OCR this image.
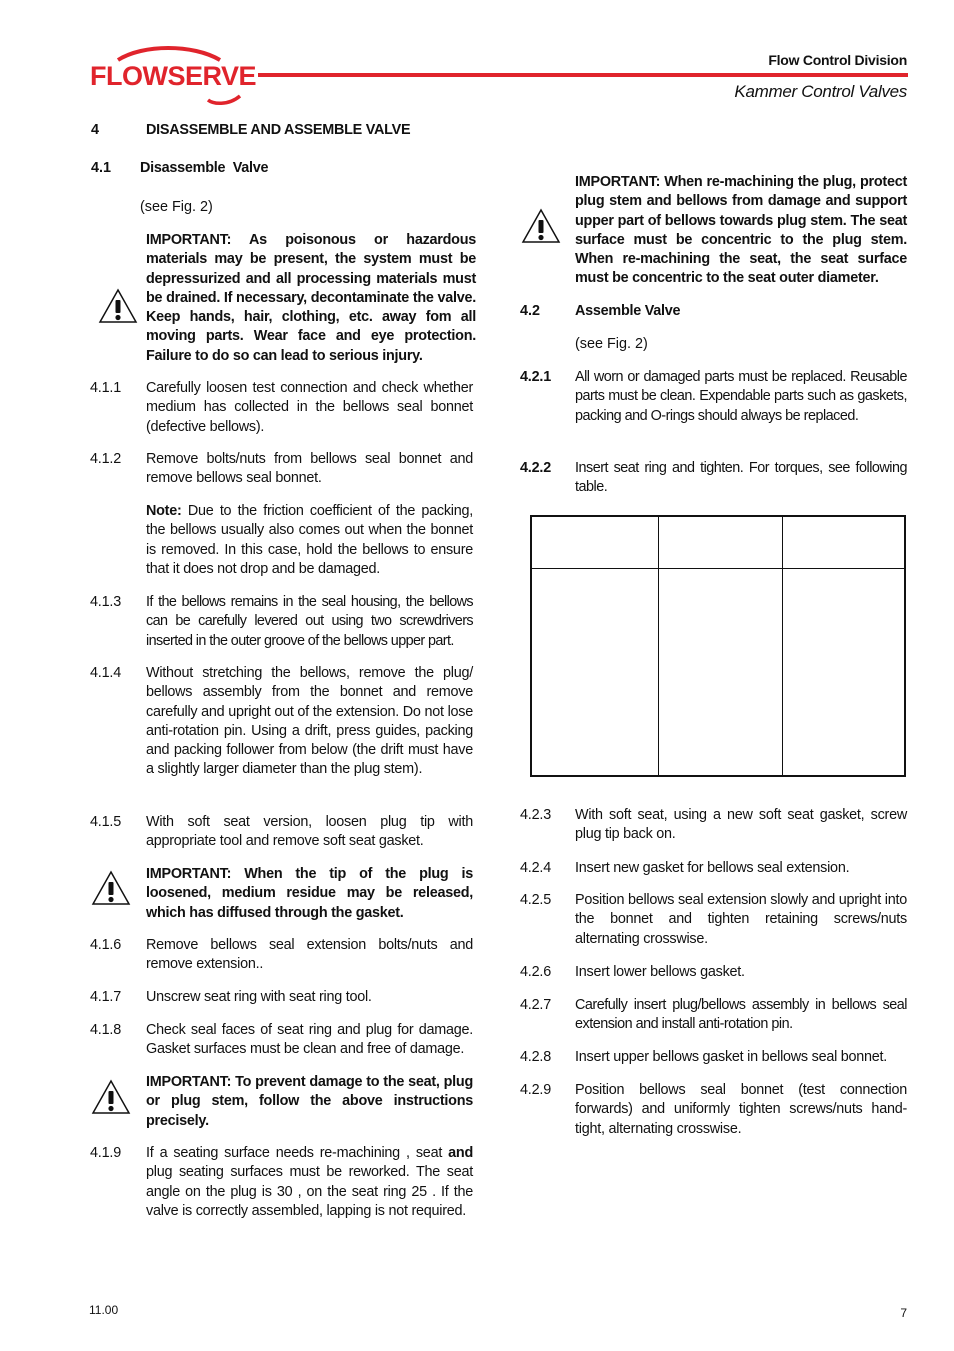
FLOWSERVE
Flow Control Division
Kammer Control Valves
4	DISASSEMBLE AND ASSEMBLE VALVE
4.1 Disassemble  Valve
(see Fig. 2)
IMPORTANT: As poisonous or hazardous materials may be present, the system must be depressurized and all processing materials must be drained. If necessary, decontaminate the valve. Keep hands, hair, clothing, etc. away fom all moving parts. Wear face and eye protection. Failure to do so can lead to serious injury.
4.1.1 Carefully loosen test connection and check whether medium has collected in the bellows seal bonnet (defective bellows).
4.1.2 Remove bolts/nuts from bellows seal bonnet and remove bellows seal bonnet.
Note: Due to the friction coefficient of the packing, the bellows usually also comes out when the bonnet is removed. In this case, hold the bellows to ensure that it does not drop and be damaged.
4.1.3 If the bellows remains in the seal housing, the bellows can be carefully levered out using two screwdrivers inserted in the outer groove of the bellows upper part.
4.1.4 Without stretching the bellows, remove the plug/ bellows assembly from the bonnet and remove carefully and upright out of the extension. Do not lose anti-rotation pin. Using a drift, press guides, packing and packing follower from below (the drift must have a slightly larger diameter than the plug stem).
4.1.5 With soft seat version, loosen plug tip with appropriate tool and remove soft seat gasket.
IMPORTANT: When the tip of the plug is loosened, medium residue may be released, which has diffused through the gasket.
4.1.6 Remove bellows seal extension bolts/nuts and remove extension..
4.1.7 Unscrew seat ring with seat ring tool.
4.1.8 Check seal faces of seat ring and plug for damage. Gasket surfaces must be clean and free of damage.
IMPORTANT: To prevent damage to the seat, plug or plug stem, follow the above instructions precisely.
4.1.9 If a seating surface needs re-machining , seat and plug seating surfaces must be reworked. The seat angle on the plug is 30 , on the seat ring 25 . If the valve is correctly assembled, lapping is not required.
IMPORTANT: When re-machining the plug, protect plug stem and bellows from damage and support upper part of bellows towards plug stem. The seat surface must be concentric to the plug stem. When re-machining the seat, the seat surface must be concentric to the seat outer diameter.
4.2 Assemble Valve
(see Fig. 2)
4.2.1 All worn or damaged parts must be replaced. Reusable parts must be clean. Expendable parts such as gaskets, packing and O-rings should always be replaced.
4.2.2 Insert seat ring and tighten. For torques, see following table.
4.2.3 With soft seat, using a new soft seat gasket, screw plug tip back on.
4.2.4 Insert new gasket for bellows seal extension.
4.2.5 Position bellows seal extension slowly and upright into the bonnet and tighten retaining screws/nuts alternating crosswise.
4.2.6 Insert lower bellows gasket.
4.2.7 Carefully insert plug/bellows assembly in bellows seal extension and install anti-rotation pin.
4.2.8 Insert upper bellows gasket in bellows seal bonnet.
4.2.9 Position bellows seal bonnet (test connection forwards) and uniformly tighten screws/nuts hand-tight, alternating crosswise.
11.00	7
